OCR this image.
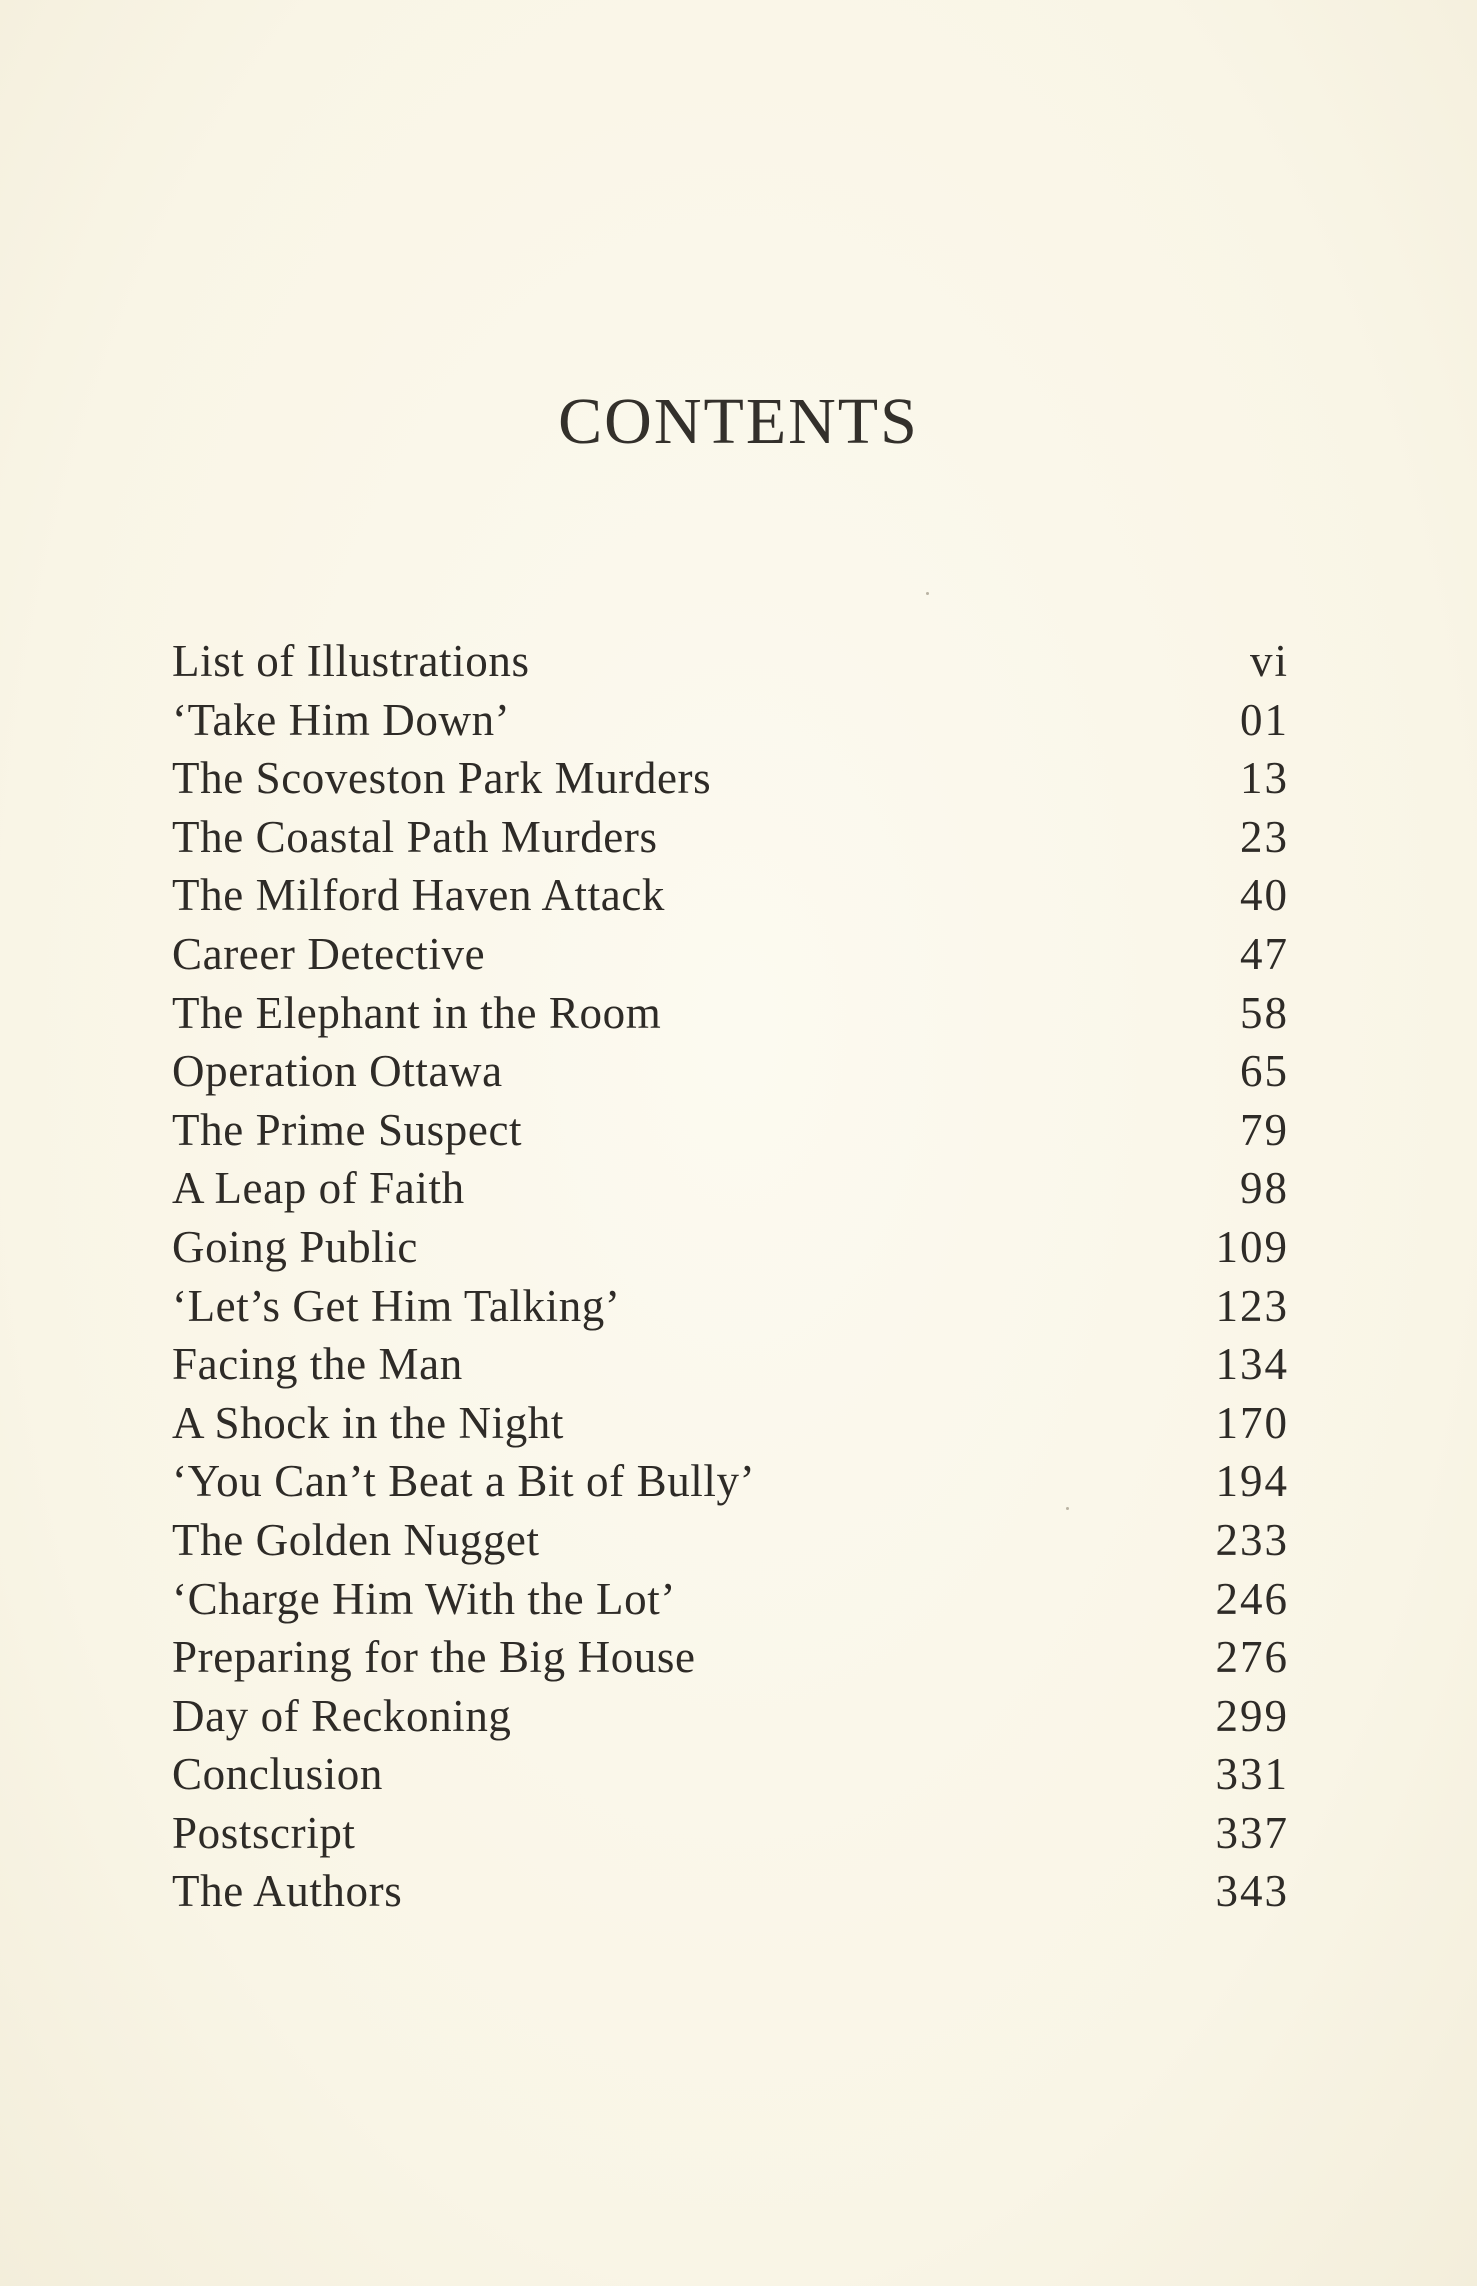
CONTENTS
List of Illustrations	vi
‘Take Him Down’	01
The Scoveston Park Murders	13
The Coastal Path Murders	23
The Milford Haven Attack	40
Career Detective	47
The Elephant in the Room	58
Operation Ottawa	65
The Prime Suspect	79
A Leap of Faith	98
Going Public	109
‘Let’s Get Him Talking’	123
Facing the Man	134
A Shock in the Night	170
‘You Can’t Beat a Bit of Bully’	194
The Golden Nugget	233
‘Charge Him With the Lot’	246
Preparing for the Big House	276
Day of Reckoning	299
Conclusion	331
Postscript	337
The Authors	343
